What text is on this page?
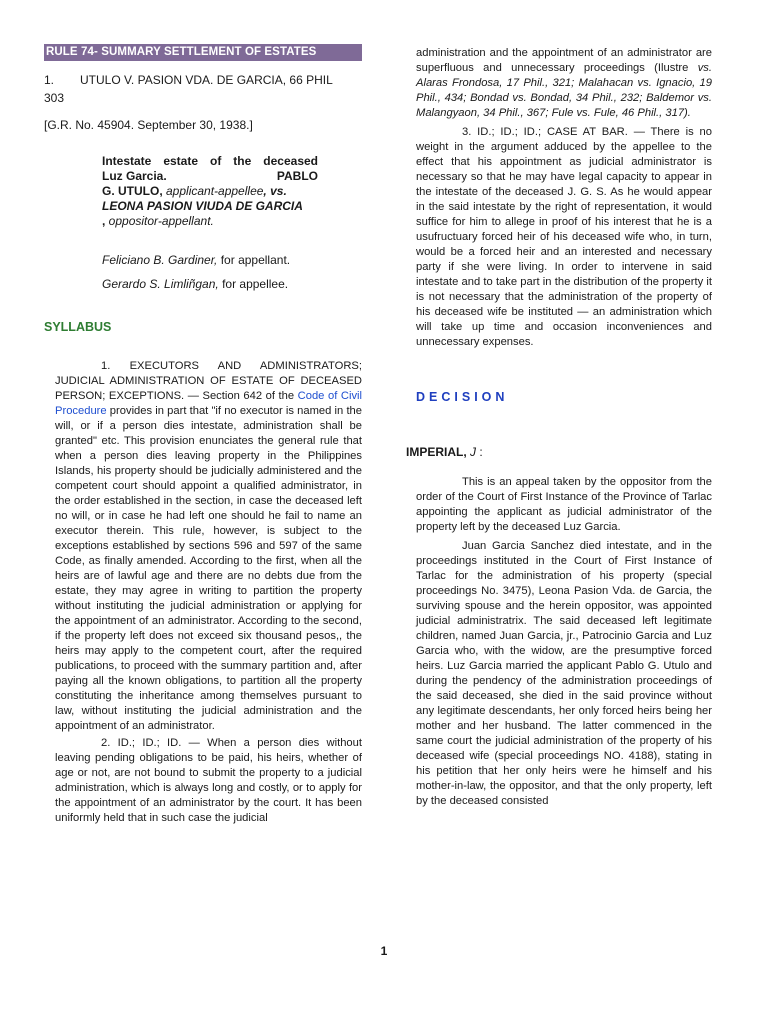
RULE 74- SUMMARY SETTLEMENT OF ESTATES
1. UTULO V. PASION VDA. DE GARCIA, 66 PHIL
303

[G.R. No. 45904. September 30, 1938.]

Intestate estate of the deceased
Luz Garcia.	PABLO
G. UTULO, applicant-appellee, vs.
LEONA PASION VIUDA DE GARCIA
, oppositor-appellant.

Feliciano B. Gardiner, for appellant.

Gerardo S. Limliñgan, for appellee.

SYLLABUS

1. EXECUTORS AND ADMINISTRATORS; JUDICIAL ADMINISTRATION OF ESTATE OF DECEASED PERSON; EXCEPTIONS. — Section 642 of the Code of Civil Procedure provides in part that "if no executor is named in the will, or if a person dies intestate, administration shall be granted" etc. This provision enunciates the general rule that when a person dies leaving property in the Philippines Islands, his property should be judicially administered and the competent court should appoint a qualified administrator, in the order established in the section, in case the deceased left no will, or in case he had left one should he fail to name an executor therein. This rule, however, is subject to the exceptions established by sections 596 and 597 of the same Code, as finally amended. According to the first, when all the heirs are of lawful age and there are no debts due from the estate, they may agree in writing to partition the property without instituting the judicial administration or applying for the appointment of an administrator. According to the second, if the property left does not exceed six thousand pesos,, the heirs may apply to the competent court, after the required publications, to proceed with the summary partition and, after paying all the known obligations, to partition all the property constituting the inheritance among themselves pursuant to law, without instituting the judicial administration and the appointment of an administrator.

2. ID.; ID.; ID. — When a person dies without leaving pending obligations to be paid, his heirs, whether of age or not, are not bound to submit the property to a judicial administration, which is always long and costly, or to apply for the appointment of an administrator by the court. It has been uniformly held that in such case the judicial

administration and the appointment of an administrator are superfluous and unnecessary proceedings (Ilustre vs. Alaras Frondosa, 17 Phil., 321; Malahacan vs. Ignacio, 19 Phil., 434; Bondad vs. Bondad, 34 Phil., 232; Baldemor vs. Malangyaon, 34 Phil., 367; Fule vs. Fule, 46 Phil., 317).

3. ID.; ID.; ID.; CASE AT BAR. — There is no weight in the argument adduced by the appellee to the effect that his appointment as judicial administrator is necessary so that he may have legal capacity to appear in the intestate of the deceased J. G. S. As he would appear in the said intestate by the right of representation, it would suffice for him to allege in proof of his interest that he is a usufructuary forced heir of his deceased wife who, in turn, would be a forced heir and an interested and necessary party if she were living. In order to intervene in said intestate and to take part in the distribution of the property it is not necessary that the administration of the property of his deceased wife be instituted — an administration which will take up time and occasion inconveniences and unnecessary expenses.

DECISION

IMPERIAL, J :

This is an appeal taken by the oppositor from the order of the Court of First Instance of the Province of Tarlac appointing the applicant as judicial administrator of the property left by the deceased Luz Garcia.

Juan Garcia Sanchez died intestate, and in the proceedings instituted in the Court of First Instance of Tarlac for the administration of his property (special proceedings No. 3475), Leona Pasion Vda. de Garcia, the surviving spouse and the herein oppositor, was appointed judicial administratrix. The said deceased left legitimate children, named Juan Garcia, jr., Patrocinio Garcia and Luz Garcia who, with the widow, are the presumptive forced heirs. Luz Garcia married the applicant Pablo G. Utulo and during the pendency of the administration proceedings of the said deceased, she died in the said province without any legitimate descendants, her only forced heirs being her mother and her husband. The latter commenced in the same court the judicial administration of the property of his deceased wife (special proceedings NO. 4188), stating in his petition that her only heirs were he himself and his mother-in-law, the oppositor, and that the only property, left by the deceased consisted

1
